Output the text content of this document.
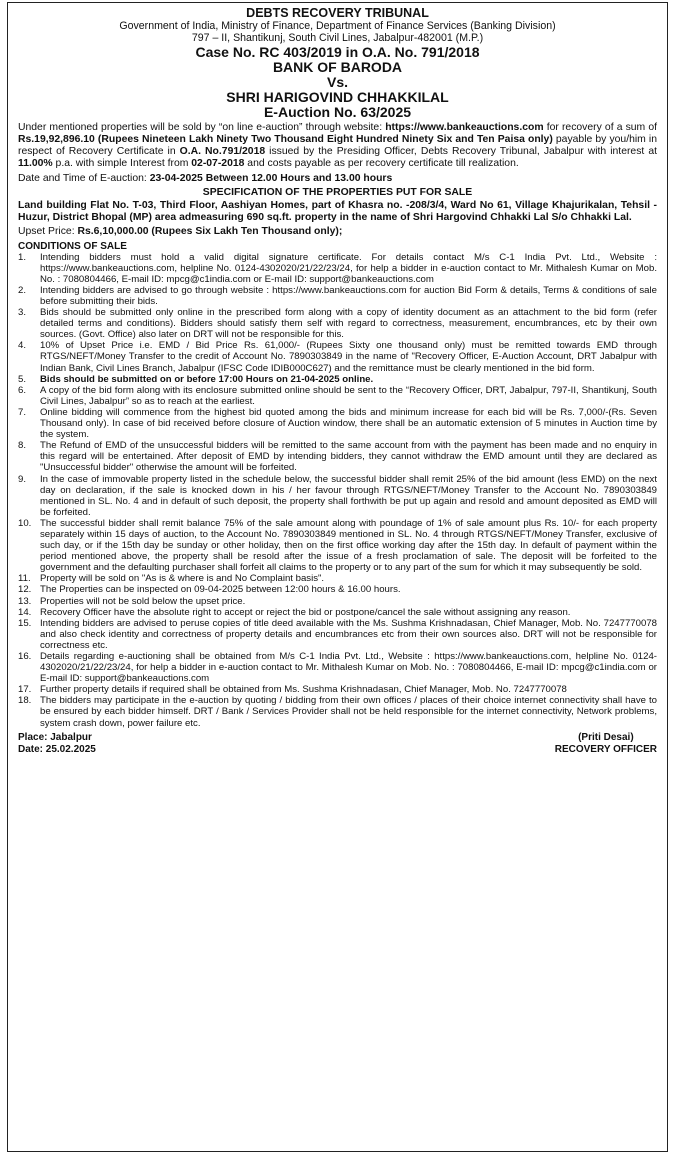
DEBTS RECOVERY TRIBUNAL
Government of India, Ministry of Finance, Department of Finance Services (Banking Division)
797 – II, Shantikunj, South Civil Lines, Jabalpur-482001 (M.P.)
Case No. RC 403/2019 in O.A. No. 791/2018
BANK OF BARODA
Vs.
SHRI HARIGOVIND CHHAKKILAL
E-Auction No. 63/2025

Under mentioned properties will be sold by “on line e-auction” through website: https://www.bankeauctions.com for recovery of a sum of Rs.19,92,896.10 (Rupees Nineteen Lakh Ninety Two Thousand Eight Hundred Ninety Six and Ten Paisa only) payable by you/him in respect of Recovery Certificate in O.A. No.791/2018 issued by the Presiding Officer, Debts Recovery Tribunal, Jabalpur with interest at 11.00% p.a. with simple Interest from 02-07-2018 and costs payable as per recovery certificate till realization.

Date and Time of E-auction: 23-04-2025 Between 12.00 Hours and 13.00 hours
SPECIFICATION OF THE PROPERTIES PUT FOR SALE

Land building Flat No. T-03, Third Floor, Aashiyan Homes, part of Khasra no. -208/3/4, Ward No 61, Village Khajurikalan, Tehsil - Huzur, District Bhopal (MP) area admeasuring 690 sq.ft. property in the name of Shri Hargovind Chhakki Lal S/o Chhakki Lal.

Upset Price: Rs.6,10,000.00 (Rupees Six Lakh Ten Thousand only);
CONDITIONS OF SALE
1.	Intending bidders must hold a valid digital signature certificate. For details contact M/s C-1 India Pvt. Ltd., Website : https://www.bankeauctions.com, helpline No. 0124-4302020/21/22/23/24, for help a bidder in e-auction contact to Mr. Mithalesh Kumar on Mob. No. : 7080804466, E-mail ID: mpcg@c1india.com or E-mail ID: support@bankeauctions.com
2.	Intending bidders are advised to go through website : https://www.bankeauctions.com for auction Bid Form & details, Terms & conditions of sale before submitting their bids.
3.	Bids should be submitted only online in the prescribed form along with a copy of identity document as an attachment to the bid form (refer detailed terms and conditions). Bidders should satisfy them self with regard to correctness, measurement, encumbrances, etc by their own sources. (Govt. Office) also later on DRT will not be responsible for this.
4.	10% of Upset Price i.e. EMD / Bid Price Rs. 61,000/- (Rupees Sixty one thousand only) must be remitted towards EMD through RTGS/NEFT/Money Transfer to the credit of Account No. 7890303849 in the name of "Recovery Officer, E-Auction Account, DRT Jabalpur with Indian Bank, Civil Lines Branch, Jabalpur (IFSC Code IDIB000C627) and the remittance must be clearly mentioned in the bid form.
5.	Bids should be submitted on or before 17:00 Hours on 21-04-2025 online.
6.	A copy of the bid form along with its enclosure submitted online should be sent to the “Recovery Officer, DRT, Jabalpur, 797-II, Shantikunj, South Civil Lines, Jabalpur” so as to reach at the earliest.
7.	Online bidding will commence from the highest bid quoted among the bids and minimum increase for each bid will be Rs. 7,000/-(Rs. Seven Thousand only). In case of bid received before closure of Auction window, there shall be an automatic extension of 5 minutes in Auction time by the system.
8.	The Refund of EMD of the unsuccessful bidders will be remitted to the same account from with the payment has been made and no enquiry in this regard will be entertained. After deposit of EMD by intending bidders, they cannot withdraw the EMD amount until they are declared as "Unsuccessful bidder" otherwise the amount will be forfeited.
9.	In the case of immovable property listed in the schedule below, the successful bidder shall remit 25% of the bid amount (less EMD) on the next day on declaration, if the sale is knocked down in his / her favour through RTGS/NEFT/Money Transfer to the Account No. 7890303849 mentioned in SL. No. 4 and in default of such deposit, the property shall forthwith be put up again and resold and amount deposited as EMD will be forfeited.
10. The successful bidder shall remit balance 75% of the sale amount along with poundage of 1% of sale amount plus Rs. 10/- for each property separately within 15 days of auction, to the Account No. 7890303849 mentioned in SL. No. 4 through RTGS/NEFT/Money Transfer, exclusive of such day, or if the 15th day be sunday or other holiday, then on the first office working day after the 15th day. In default of payment within the period mentioned above, the property shall be resold after the issue of a fresh proclamation of sale. The deposit will be forfeited to the government and the defaulting purchaser shall forfeit all claims to the property or to any part of the sum for which it may subsequently be sold.
11. Property will be sold on "As is & where is and No Complaint basis".
12. The Properties can be inspected on 09-04-2025 between 12:00 hours & 16.00 hours.
13. Properties will not be sold below the upset price.
14. Recovery Officer have the absolute right to accept or reject the bid or postpone/cancel the sale without assigning any reason.
15. Intending bidders are advised to peruse copies of title deed available with the Ms. Sushma Krishnadasan, Chief Manager, Mob. No. 7247770078 and also check identity and correctness of property details and encumbrances etc from their own sources also. DRT will not be responsible for correctness etc.
16. Details regarding e-auctioning shall be obtained from M/s C-1 India Pvt. Ltd., Website : https://www.bankeauctions.com, helpline No. 0124-4302020/21/22/23/24, for help a bidder in e-auction contact to Mr. Mithalesh Kumar on Mob. No. : 7080804466, E-mail ID: mpcg@c1india.com or E-mail ID: support@bankeauctions.com
17. Further property details if required shall be obtained from Ms. Sushma Krishnadasan, Chief Manager, Mob. No. 7247770078
18. The bidders may participate in the e-auction by quoting / bidding from their own offices / places of their choice internet connectivity shall have to be ensured by each bidder himself. DRT / Bank / Services Provider shall not be held responsible for the internet connectivity, Network problems, system crash down, power failure etc.
Place: Jabalpur
Date: 25.02.2025
(Priti Desai)
RECOVERY OFFICER
